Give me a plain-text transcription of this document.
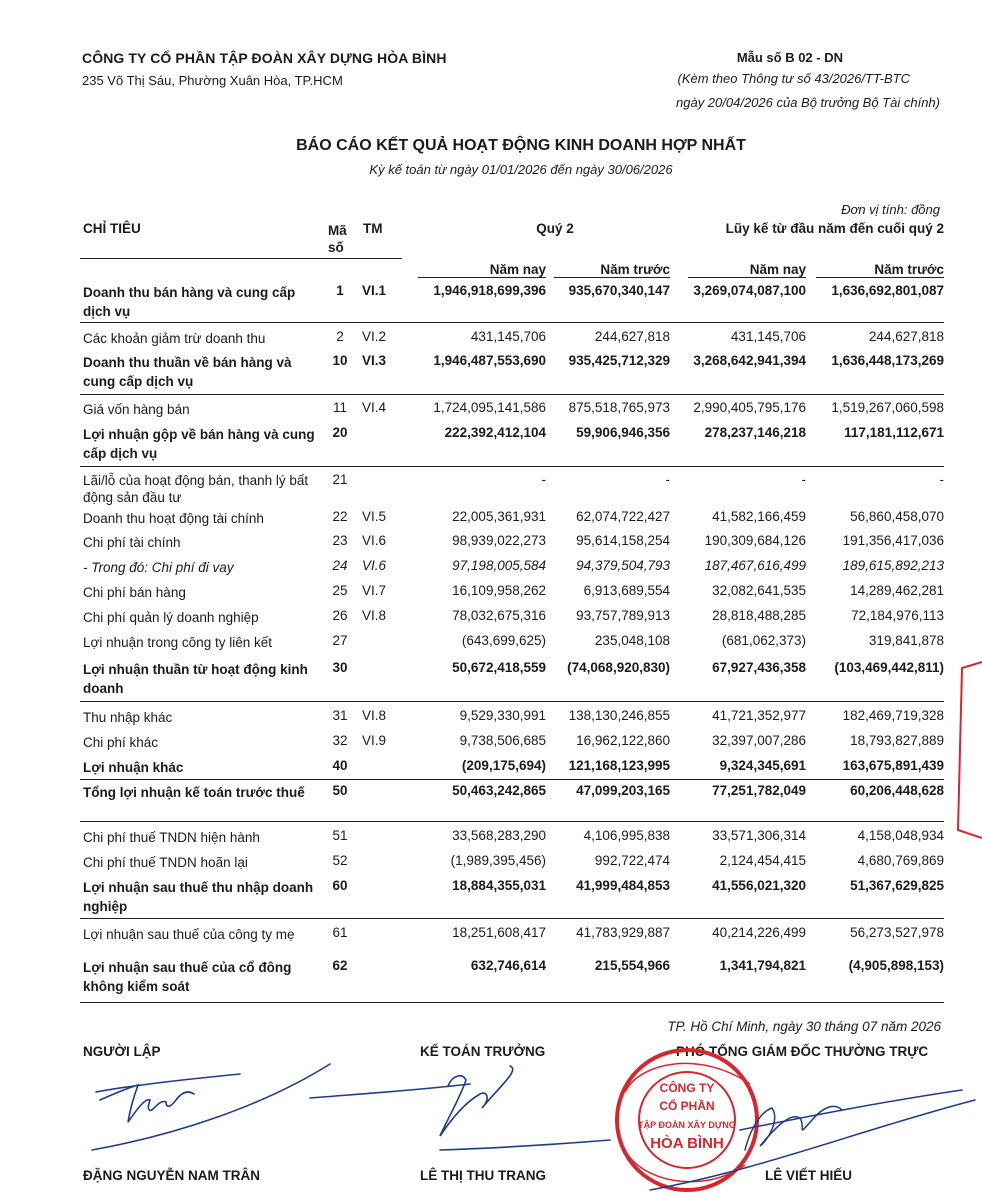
CÔNG TY CỔ PHẦN TẬP ĐOÀN XÂY DỰNG HÒA BÌNH
235 Võ Thị Sáu, Phường Xuân Hòa, TP.HCM
Mẫu số B 02 - DN
(Kèm theo Thông tư số 43/2026/TT-BTC
ngày 20/04/2026 của Bộ trưởng Bộ Tài chính)
BÁO CÁO KẾT QUẢ HOẠT ĐỘNG KINH DOANH HỢP NHẤT
Kỳ kế toán từ ngày 01/01/2026 đến ngày 30/06/2026
Đơn vị tính: đồng
CHỈ TIÊU	Mã
số
TM	Quý 2	Lũy kế từ đầu năm đến cuối quý 2
Năm nay	Năm trước	Năm nay	Năm trước
Doanh thu bán hàng và cung cấp dịch vụ
1	VI.1	1,946,918,699,396	935,670,340,147	3,269,074,087,100	1,636,692,801,087
Các khoản giảm trừ doanh thu	2	VI.2	431,145,706	244,627,818	431,145,706	244,627,818
Doanh thu thuần về bán hàng và cung cấp dịch vụ
10	VI.3	1,946,487,553,690	935,425,712,329	3,268,642,941,394	1,636,448,173,269
Giá vốn hàng bán	11	VI.4	1,724,095,141,586	875,518,765,973	2,990,405,795,176	1,519,267,060,598
Lợi nhuận gộp về bán hàng và cung cấp dịch vụ
20	222,392,412,104	59,906,946,356	278,237,146,218	117,181,112,671
Lãi/lỗ của hoạt động bán, thanh lý bất động sản đầu tư
21	-	-	-	-
Doanh thu hoạt động tài chính	22	VI.5	22,005,361,931	62,074,722,427	41,582,166,459	56,860,458,070
Chi phí tài chính	23	VI.6	98,939,022,273	95,614,158,254	190,309,684,126	191,356,417,036
- Trong đó: Chi phí đi vay	24	VI.6	97,198,005,584	94,379,504,793	187,467,616,499	189,615,892,213
Chi phí bán hàng	25	VI.7	16,109,958,262	6,913,689,554	32,082,641,535	14,289,462,281
Chi phí quản lý doanh nghiệp	26	VI.8	78,032,675,316	93,757,789,913	28,818,488,285	72,184,976,113
Lợi nhuận trong công ty liên kết	27	(643,699,625)	235,048,108	(681,062,373)	319,841,878
Lợi nhuận thuần từ hoạt động kinh doanh
30	50,672,418,559	(74,068,920,830)	67,927,436,358	(103,469,442,811)
Thu nhập khác	31	VI.8	9,529,330,991	138,130,246,855	41,721,352,977	182,469,719,328
Chi phí khác	32	VI.9	9,738,506,685	16,962,122,860	32,397,007,286	18,793,827,889
Lợi nhuận khác	40	(209,175,694)	121,168,123,995	9,324,345,691	163,675,891,439
Tổng lợi nhuận kế toán trước thuế	50	50,463,242,865	47,099,203,165	77,251,782,049	60,206,448,628
Chi phí thuế TNDN hiện hành	51	33,568,283,290	4,106,995,838	33,571,306,314	4,158,048,934
Chi phí thuế TNDN hoãn lại	52	(1,989,395,456)	992,722,474	2,124,454,415	4,680,769,869
Lợi nhuận sau thuế thu nhập doanh nghiệp
60	18,884,355,031	41,999,484,853	41,556,021,320	51,367,629,825
Lợi nhuận sau thuế của công ty mẹ	61	18,251,608,417	41,783,929,887	40,214,226,499	56,273,527,978
Lợi nhuận sau thuế của cổ đông không kiểm soát
62	632,746,614	215,554,966	1,341,794,821	(4,905,898,153)
TP. Hồ Chí Minh, ngày 30 tháng 07 năm 2026
NGƯỜI LẬP	KẾ TOÁN TRƯỞNG	PHÓ TỔNG GIÁM ĐỐC THƯỜNG TRỰC
CÔNG TY
CỔ PHẦN
TẬP ĐOÀN XÂY DỰNG
HÒA BÌNH
ĐẶNG NGUYỄN NAM TRÂN	LÊ THỊ THU TRANG	LÊ VIẾT HIẾU
